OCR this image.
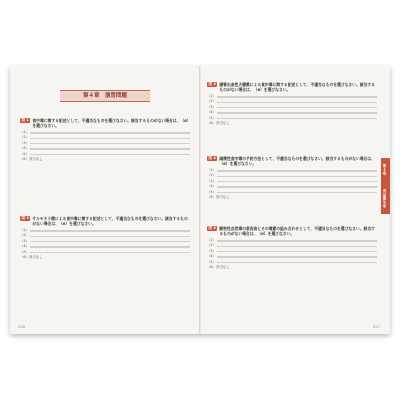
第４章　演習問題
問 1 食中毒に関する記述として、不適当なものを選びなさい。該当するものがない場合は、（6）を選びなさい。
（1）
（2）
（3）
（4）
（5）
（6）該当なし
問 2 サルモネラ菌による食中毒に関する記述として、不適当なものを選びなさい。該当するものがない場合は、（6）を選びなさい。
（1）
（2）
（3）
（4）
（5）
（6）該当なし
226
問 3 腸管出血性大腸菌による食中毒に関する記述として、不適当なものを選びなさい。該当するものがない場合は、（6）を選びなさい。
（1）
（2）
（3）
（4）
（5）
（6）該当なし
問 4 細菌性食中毒の予防方法として、不適当なものを選びなさい。該当するものがない場合は、（6）を選びなさい。
（1）
（2）
（3）
（4）
（5）
（6）該当なし
問 5 動物性自然毒の原因食とその毒素の組み合わせとして、不適当なものを選びなさい。該当するものがない場合は、（6）を選びなさい。
（1）
（2）
（3）
（4）
（5）
（6）該当なし
第４章
食品衛生学
227
